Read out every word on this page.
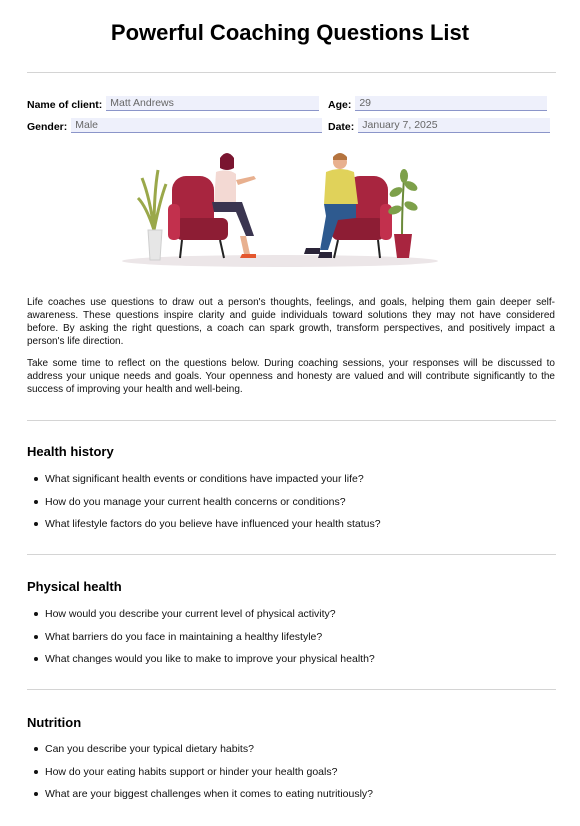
Powerful Coaching Questions List
Name of client: Matt Andrews	Age: 29
Gender: Male	Date: January 7, 2025

Life coaches use questions to draw out a person's thoughts, feelings, and goals, helping them gain deeper self-awareness. These questions inspire clarity and guide individuals toward solutions they may not have considered before. By asking the right questions, a coach can spark growth, transform perspectives, and positively impact a person's life direction.

Take some time to reflect on the questions below. During coaching sessions, your responses will be discussed to address your unique needs and goals. Your openness and honesty are valued and will contribute significantly to the success of improving your health and well-being.

Health history
What significant health events or conditions have impacted your life?
How do you manage your current health concerns or conditions?
What lifestyle factors do you believe have influenced your health status?
Physical health
How would you describe your current level of physical activity?
What barriers do you face in maintaining a healthy lifestyle?
What changes would you like to make to improve your physical health?
Nutrition
Can you describe your typical dietary habits?
How do your eating habits support or hinder your health goals?
What are your biggest challenges when it comes to eating nutritiously?
